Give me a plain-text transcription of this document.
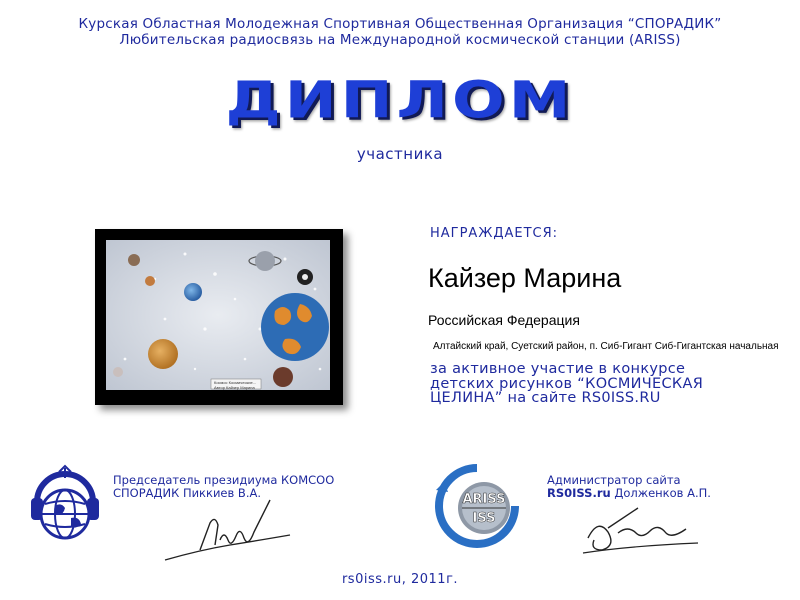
Курская Областная Молодежная Спортивная Общественная Организация “СПОРАДИК”
Любительская радиосвязь на Международной космической станции (ARISS)
ДИПЛОМ
участника
Космос Космические...
Автор Кайзер Марина
НАГРАЖДАЕТСЯ:
Кайзер Марина
Российская Федерация
Алтайский край, Суетский район, п. Сиб-Гигант Сиб-Гигантская начальная
за активное участие в конкурсе
детских рисунков “КОСМИЧЕСКАЯ
ЦЕЛИНА” на сайте RS0ISS.RU
Председатель президиума КОМСОО
СПОРАДИК Пиккиев В.А.	ARISS
ISS
Администратор сайта
RS0ISS.ru Долженков А.П.
rs0iss.ru, 2011г.
